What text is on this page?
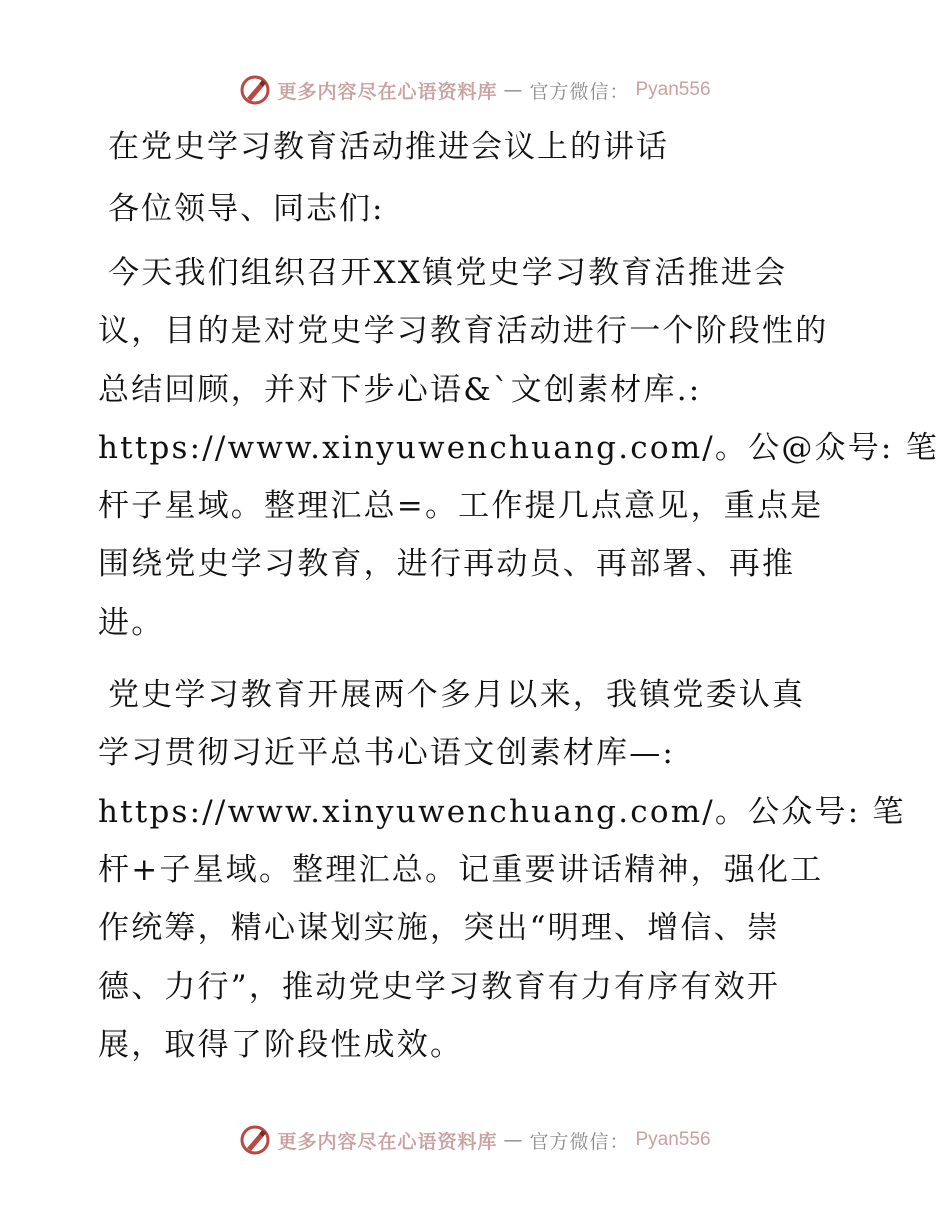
更多内容尽在心语资料库 — 官方微信： Pyan556
在党史学习教育活动推进会议上的讲话
各位领导、同志们:
今天我们组织召开XX镇党史学习教育活推进会
议，目的是对党史学习教育活动进行一个阶段性的
总结回顾，并对下步心语&`文创素材库.:
https://www.xinyuwenchuang.com/。公@众号: 笔
杆子星域。整理汇总=。工作提几点意见，重点是
围绕党史学习教育，进行再动员、再部署、再推
进。
党史学习教育开展两个多月以来，我镇党委认真
学习贯彻习近平总书心语文创素材库—:
https://www.xinyuwenchuang.com/。公众号: 笔
杆+子星域。整理汇总。记重要讲话精神，强化工
作统筹，精心谋划实施，突出“明理、增信、崇
德、力行”，推动党史学习教育有力有序有效开
展，取得了阶段性成效。
更多内容尽在心语资料库 — 官方微信： Pyan556
